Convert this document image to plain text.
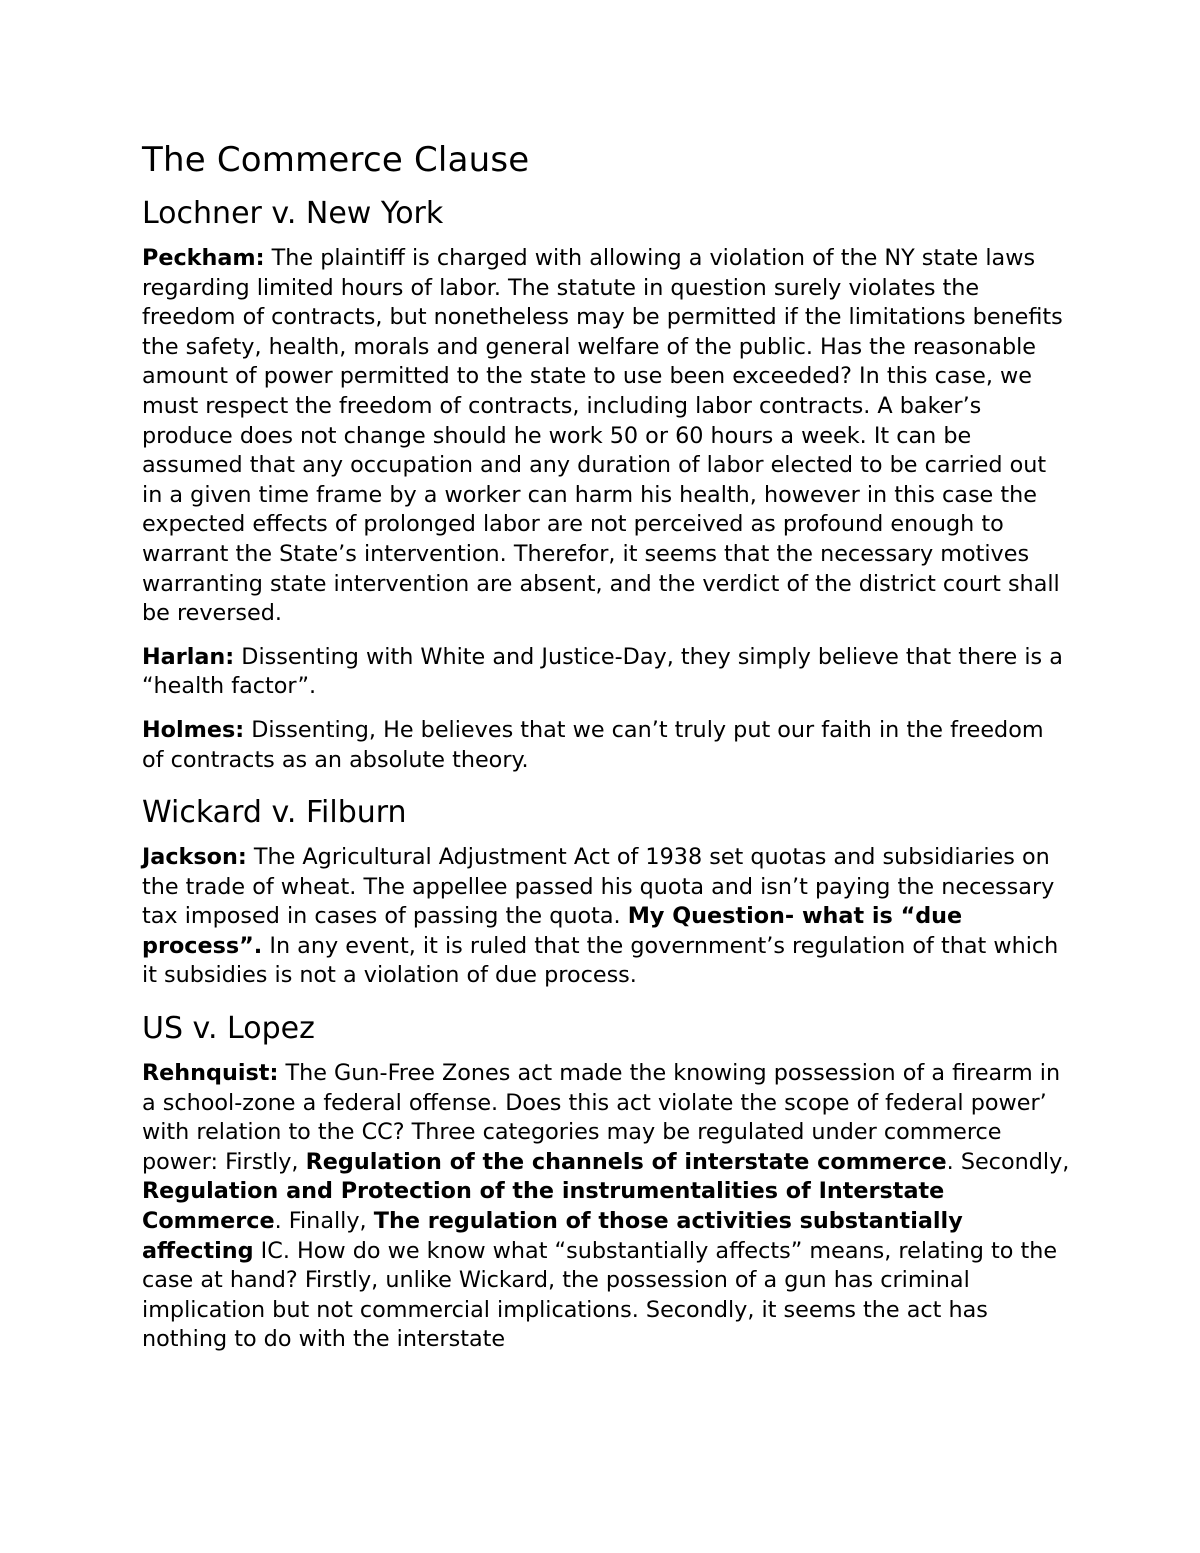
The Commerce Clause
Lochner v. New York

Peckham: The plaintiff is charged with allowing a violation of the NY state laws regarding limited hours of labor. The statute in question surely violates the freedom of contracts, but nonetheless may be permitted if the limitations benefits the safety, health, morals and general welfare of the public. Has the reasonable amount of power permitted to the state to use been exceeded? In this case, we must respect the freedom of contracts, including labor contracts. A baker’s produce does not change should he work 50 or 60 hours a week. It can be assumed that any occupation and any duration of labor elected to be carried out in a given time frame by a worker can harm his health, however in this case the expected effects of prolonged labor are not perceived as profound enough to warrant the State’s intervention. Therefor, it seems that the necessary motives warranting state intervention are absent, and the verdict of the district court shall be reversed.

Harlan: Dissenting with White and Justice-Day, they simply believe that there is a “health factor”.

Holmes: Dissenting, He believes that we can’t truly put our faith in the freedom of contracts as an absolute theory.

Wickard v. Filburn

Jackson: The Agricultural Adjustment Act of 1938 set quotas and subsidiaries on the trade of wheat. The appellee passed his quota and isn’t paying the necessary tax imposed in cases of passing the quota. My Question- what is “due process”. In any event, it is ruled that the government’s regulation of that which it subsidies is not a violation of due process.

US v. Lopez

Rehnquist: The Gun-Free Zones act made the knowing possession of a firearm in a school-zone a federal offense. Does this act violate the scope of federal power’ with relation to the CC? Three categories may be regulated under commerce power: Firstly, Regulation of the channels of interstate commerce. Secondly, Regulation and Protection of the instrumentalities of Interstate Commerce. Finally, The regulation of those activities substantially affecting IC. How do we know what “substantially affects” means, relating to the case at hand? Firstly, unlike Wickard, the possession of a gun has criminal implication but not commercial implications. Secondly, it seems the act has nothing to do with the interstate
